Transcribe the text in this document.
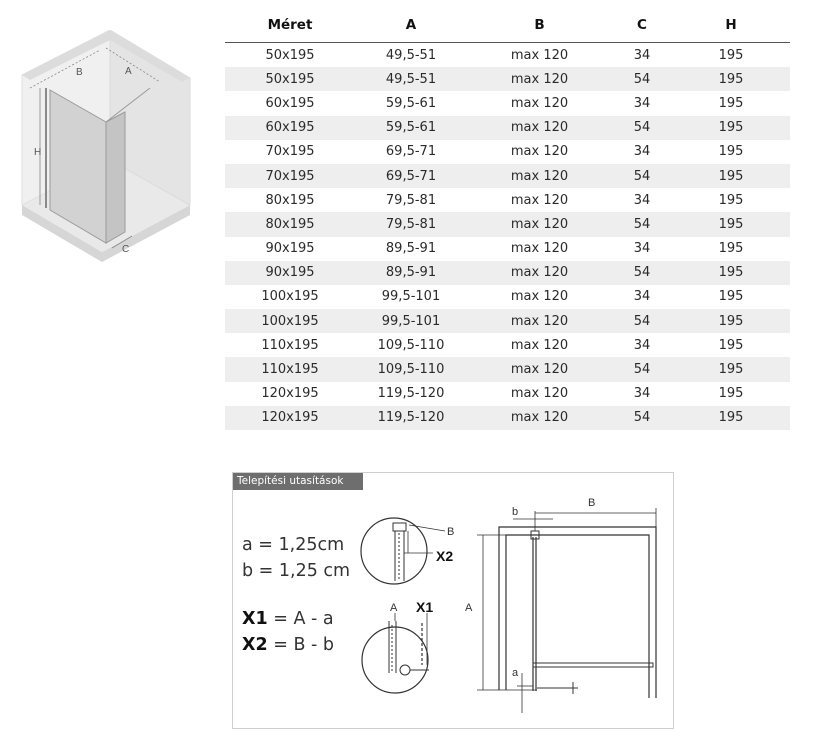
B	A
H
C
Méret	A	B	C	H
50x195	49,5-51	max 120	34	195
50x195	49,5-51	max 120	54	195
60x195	59,5-61	max 120	34	195
60x195	59,5-61	max 120	54	195
70x195	69,5-71	max 120	34	195
70x195	69,5-71	max 120	54	195
80x195	79,5-81	max 120	34	195
80x195	79,5-81	max 120	54	195
90x195	89,5-91	max 120	34	195
90x195	89,5-91	max 120	54	195
100x195	99,5-101	max 120	34	195
100x195	99,5-101	max 120	54	195
110x195	109,5-110	max 120	34	195
110x195	109,5-110	max 120	54	195
120x195	119,5-120	max 120	34	195
120x195	119,5-120	max 120	54	195
Telepítési utasítások
a = 1,25cm
b = 1,25 cm
X1 = A - a
X2 = B - b
B
X2
A X1
B
b
A
a
